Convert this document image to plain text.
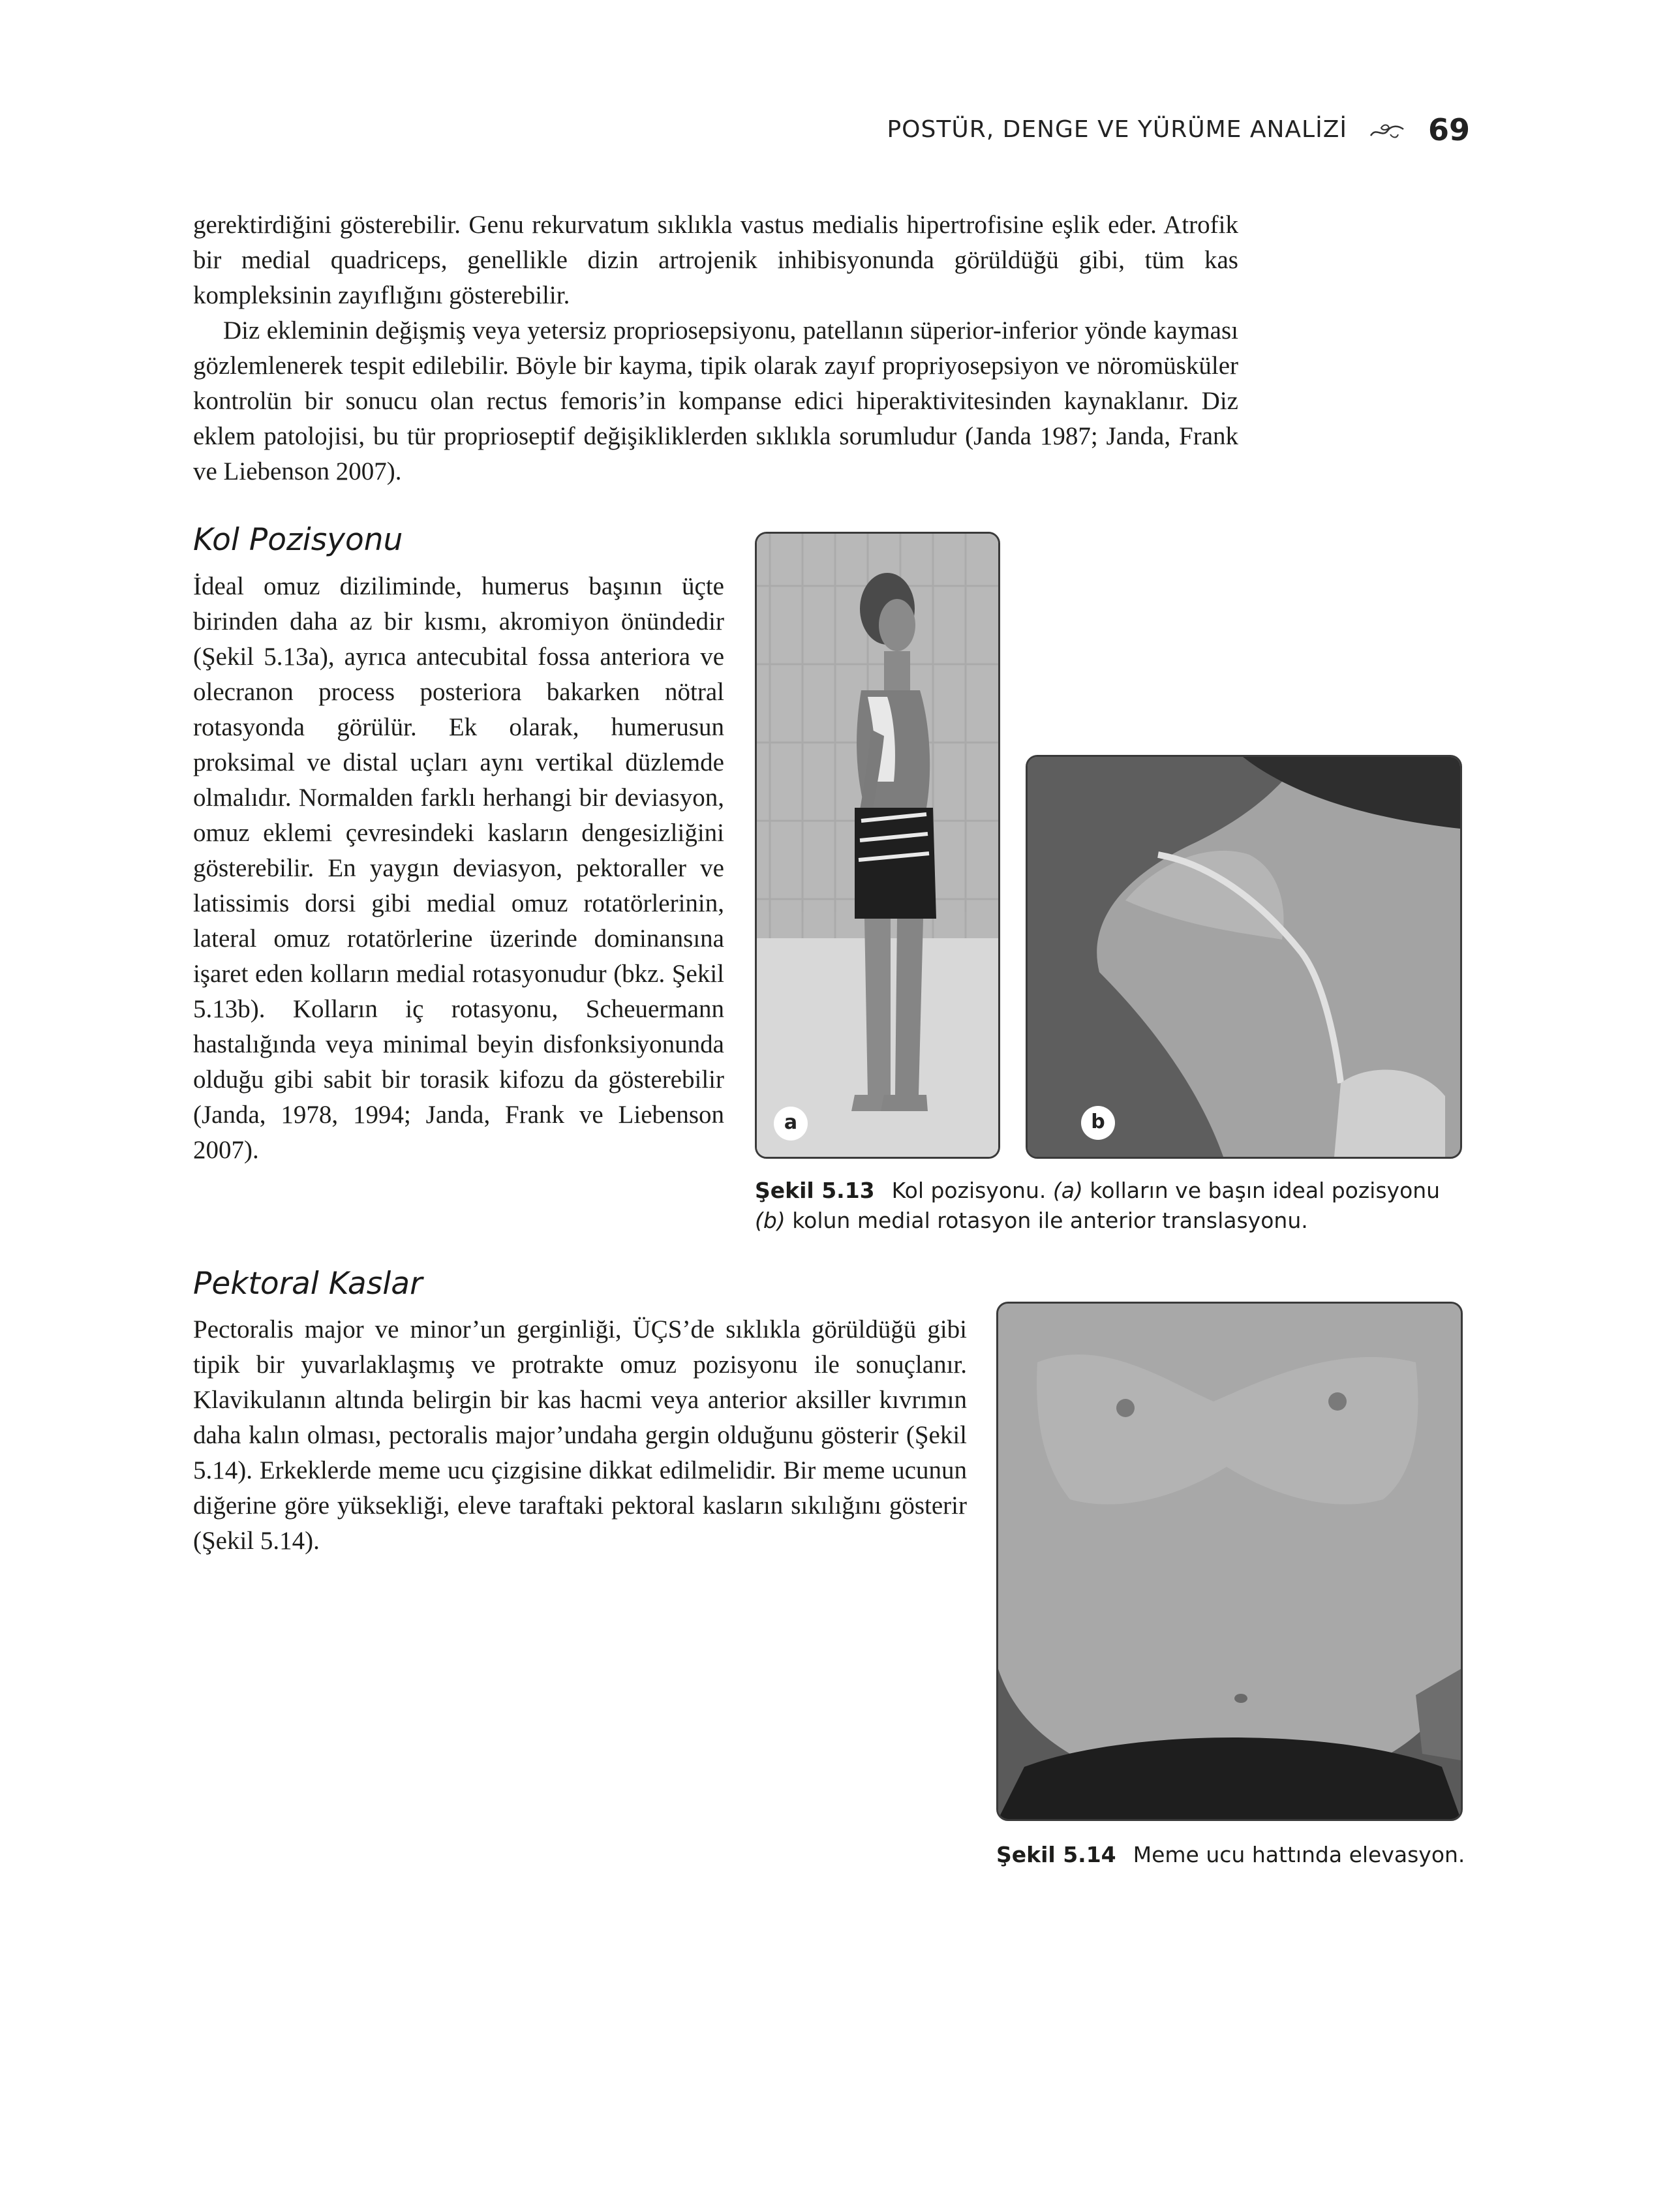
POSTÜR, DENGE VE YÜRÜME ANALİZİ	69

gerektirdiğini gösterebilir. Genu rekurvatum sıklıkla vastus medialis hipertrofisine eşlik eder. Atrofik bir medial quadriceps, genellikle dizin artrojenik inhibisyonunda görüldüğü gibi, tüm kas kompleksinin zayıflığını gösterebilir.

Diz ekleminin değişmiş veya yetersiz propriosepsiyonu, patellanın süperior-inferior yönde kayması gözlemlenerek tespit edilebilir. Böyle bir kayma, tipik olarak zayıf propriyosepsiyon ve nöromüsküler kontrolün bir sonucu olan rectus femoris’in kompanse edici hiperaktivitesinden kaynaklanır. Diz eklem patolojisi, bu tür proprioseptif değişikliklerden sıklıkla sorumludur (Janda 1987; Janda, Frank ve Liebenson 2007).

Kol Pozisyonu

İdeal omuz diziliminde, humerus başının üçte birinden daha az bir kısmı, akromiyon önündedir (Şekil 5.13a), ayrıca antecubital fossa anteriora ve olecranon process posteriora bakarken nötral rotasyonda görülür. Ek olarak, humerusun proksimal ve distal uçları aynı vertikal düzlemde olmalıdır. Normalden farklı herhangi bir deviasyon, omuz eklemi çevresindeki kasların dengesizliğini gösterebilir. En yaygın deviasyon, pektoraller ve latissimis dorsi gibi medial omuz rotatörlerinin, lateral omuz rotatörlerine üzerinde dominansına işaret eden kolların medial rotasyonudur (bkz. Şekil 5.13b). Kolların iç rotasyonu, Scheuermann hastalığında veya minimal beyin disfonksiyonunda olduğu gibi sabit bir torasik kifozu da gösterebilir (Janda, 1978, 1994; Janda, Frank ve Liebenson 2007).

a	b
Şekil 5.13 Kol pozisyonu. (a) kolların ve başın ideal pozisyonu
(b) kolun medial rotasyon ile anterior translasyonu.
Pektoral Kaslar

Pectoralis major ve minor’un gerginliği, ÜÇS’de sıklıkla görüldüğü gibi tipik bir yuvarlaklaşmış ve protrakte omuz pozisyonu ile sonuçlanır. Klavikulanın altında belirgin bir kas hacmi veya anterior aksiller kıvrımın daha kalın olması, pectoralis major’undaha gergin olduğunu gösterir (Şekil 5.14). Erkeklerde meme ucu çizgisine dikkat edilmelidir. Bir meme ucunun diğerine göre yüksekliği, eleve taraftaki pektoral kasların sıkılığını gösterir (Şekil 5.14).

Şekil 5.14 Meme ucu hattında elevasyon.
